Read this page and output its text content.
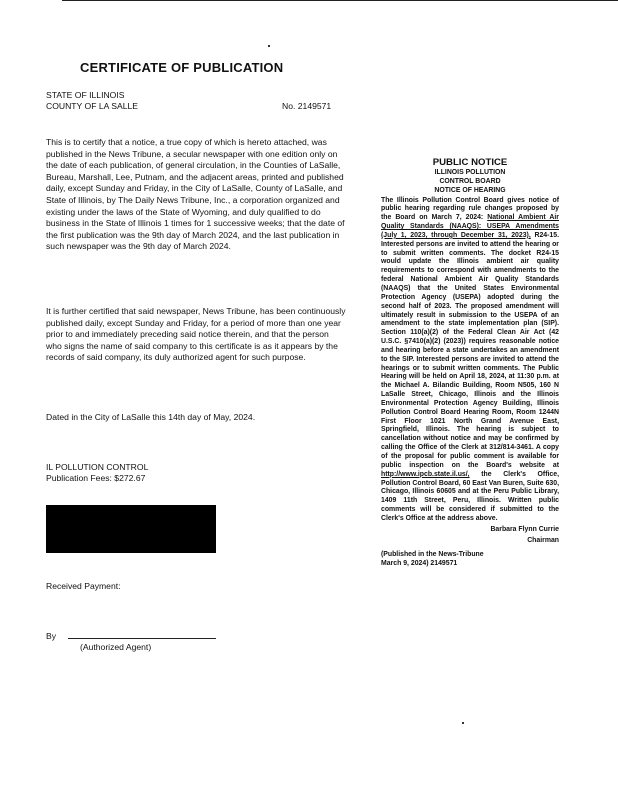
CERTIFICATE OF PUBLICATION
STATE OF ILLINOIS
COUNTY OF LA SALLE	No. 2149571
This is to certify that a notice, a true copy of which is hereto attached, was published in the News Tribune, a secular newspaper with one edition only on the date of each publication, of general circulation, in the Counties of LaSalle, Bureau, Marshall, Lee, Putnam, and the adjacent areas, printed and published daily, except Sunday and Friday, in the City of LaSalle, County of LaSalle, and State of Illinois, by The Daily News Tribune, Inc., a corporation organized and existing under the laws of the State of Wyoming, and duly qualified to do business in the State of Illinois 1 times for 1 successive weeks; that the date of the first publication was the 9th day of March 2024, and the last publication in such newspaper was the 9th day of March 2024.
It is further certified that said newspaper, News Tribune, has been continuously published daily, except Sunday and Friday, for a period of more than one year prior to and immediately preceding said notice therein, and that the person who signs the name of said company to this certificate is as it appears by the records of said company, its duly authorized agent for such purpose.
Dated in the City of LaSalle this 14th day of May, 2024.
IL POLLUTION CONTROL
Publication Fees: $272.67
Received Payment:
By
(Authorized Agent)
PUBLIC NOTICE
ILLINOIS POLLUTION
CONTROL BOARD
NOTICE OF HEARING
The Illinois Pollution Control Board gives notice of public hearing regarding rule changes proposed by the Board on March 7, 2024: National Ambient Air Quality Standards (NAAQS): USEPA Amendments (July 1, 2023, through December 31, 2023), R24-15. Interested persons are invited to attend the hearing or to submit written comments. The docket R24-15 would update the Illinois ambient air quality requirements to correspond with amendments to the federal National Ambient Air Quality Standards (NAAQS) that the United States Environmental Protection Agency (USEPA) adopted during the second half of 2023. The proposed amendment will ultimately result in submission to the USEPA of an amendment to the state implementation plan (SIP). Section 110(a)(2) of the Federal Clean Air Act (42 U.S.C. §7410(a)(2) (2023)) requires reasonable notice and hearing before a state undertakes an amendment to the SIP. Interested persons are invited to attend the hearings or to submit written comments. The Public Hearing will be held on April 18, 2024, at 11:30 p.m. at the Michael A. Bilandic Building, Room N505, 160 N LaSalle Street, Chicago, Illinois and the Illinois Environmental Protection Agency Building, Illinois Pollution Control Board Hearing Room, Room 1244N First Floor 1021 North Grand Avenue East, Springfield, Illinois. The hearing is subject to cancellation without notice and may be confirmed by calling the Office of the Clerk at 312/814-3461. A copy of the proposal for public comment is available for public inspection on the Board's website at http://www.ipcb.state.il.us/, the Clerk's Office, Pollution Control Board, 60 East Van Buren, Suite 630, Chicago, Illinois 60605 and at the Peru Public Library, 1409 11th Street, Peru, Illinois. Written public comments will be considered if submitted to the Clerk's Office at the address above.
Barbara Flynn Currie
Chairman
(Published in the News-Tribune
March 9, 2024) 2149571
